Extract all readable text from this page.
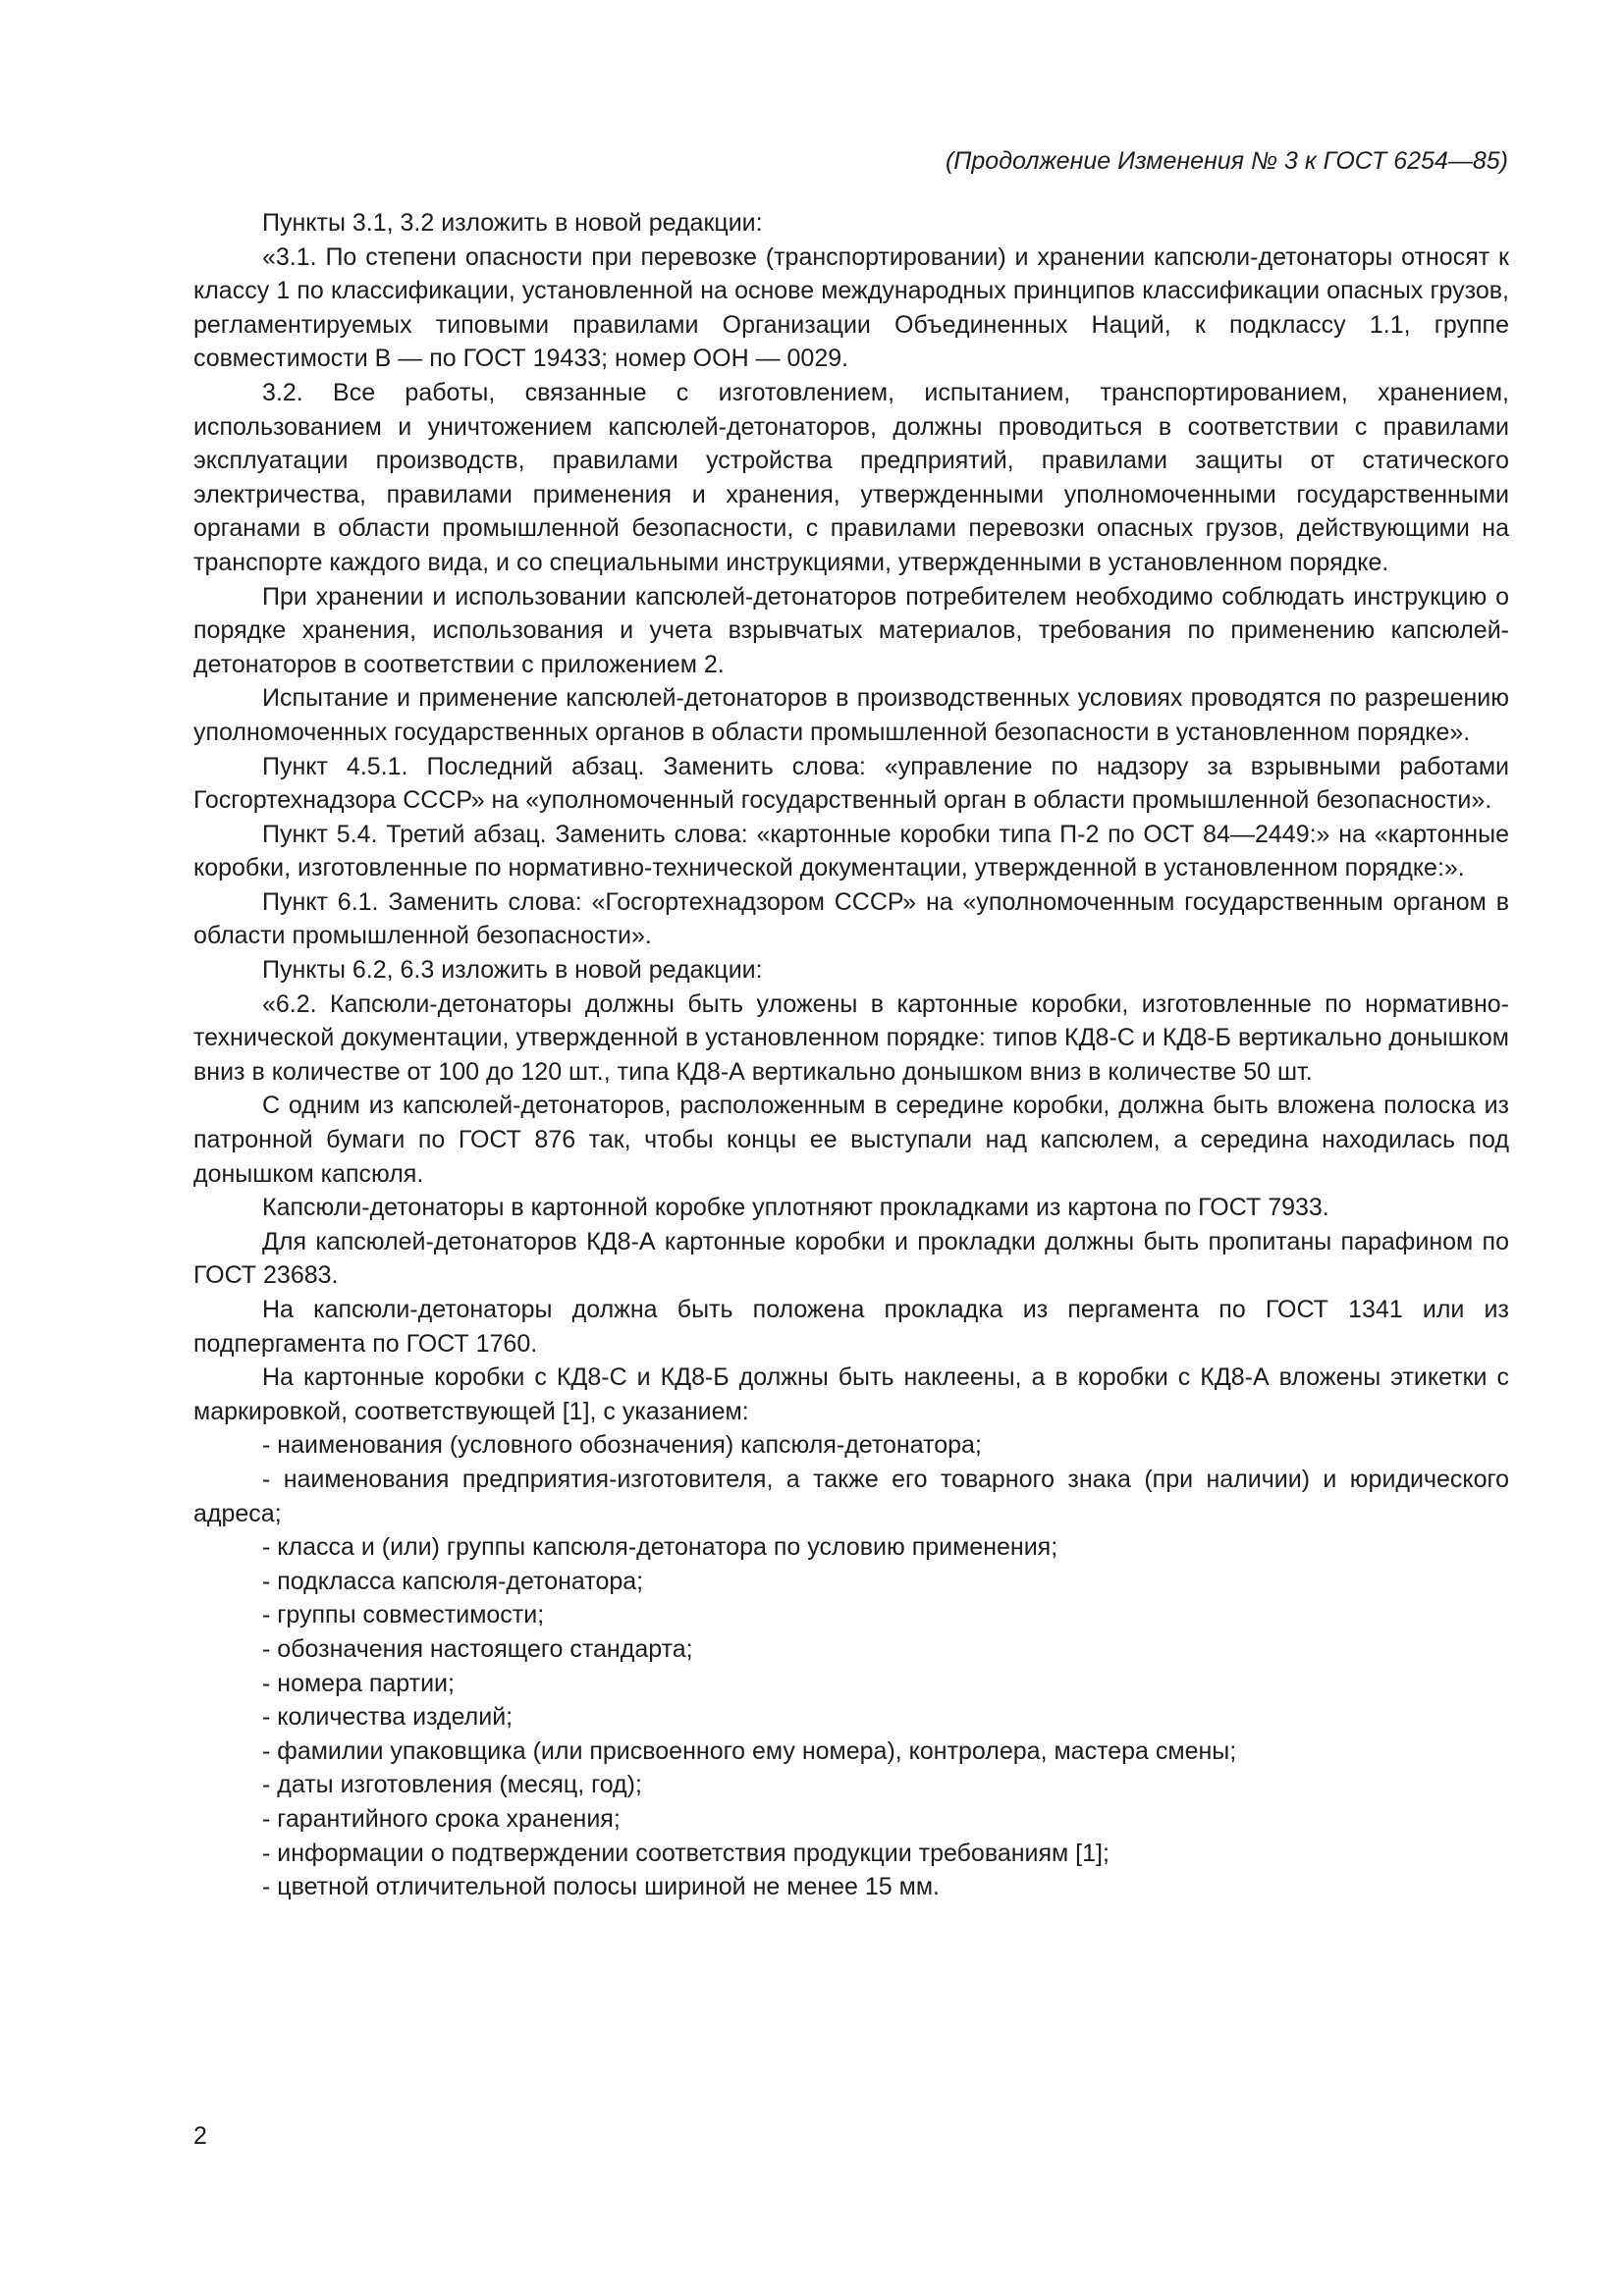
(Продолжение Изменения № 3 к ГОСТ 6254—85)

Пункты 3.1, 3.2 изложить в новой редакции:

«3.1. По степени опасности при перевозке (транспортировании) и хранении капсюли-детонаторы относят к классу 1 по классификации, установленной на основе международных принципов классификации опасных грузов, регламентируемых типовыми правилами Организации Объединенных Наций, к подклассу 1.1, группе совместимости В — по ГОСТ 19433; номер ООН — 0029.

3.2. Все работы, связанные с изготовлением, испытанием, транспортированием, хранением, использованием и уничтожением капсюлей-детонаторов, должны проводиться в соответствии с правилами эксплуатации производств, правилами устройства предприятий, правилами защиты от статического электричества, правилами применения и хранения, утвержденными уполномоченными государственными органами в области промышленной безопасности, с правилами перевозки опасных грузов, действующими на транспорте каждого вида, и со специальными инструкциями, утвержденными в установленном порядке.

При хранении и использовании капсюлей-детонаторов потребителем необходимо соблюдать инструкцию о порядке хранения, использования и учета взрывчатых материалов, требования по применению капсюлей-детонаторов в соответствии с приложением 2.

Испытание и применение капсюлей-детонаторов в производственных условиях проводятся по разрешению уполномоченных государственных органов в области промышленной безопасности в установленном порядке».

Пункт 4.5.1. Последний абзац. Заменить слова: «управление по надзору за взрывными работами Госгортехнадзора СССР» на «уполномоченный государственный орган в области промышленной безопасности».

Пункт 5.4. Третий абзац. Заменить слова: «картонные коробки типа П-2 по ОСТ 84—2449:» на «картонные коробки, изготовленные по нормативно-технической документации, утвержденной в установленном порядке:».

Пункт 6.1. Заменить слова: «Госгортехнадзором СССР» на «уполномоченным государственным органом в области промышленной безопасности».

Пункты 6.2, 6.3 изложить в новой редакции:

«6.2. Капсюли-детонаторы должны быть уложены в картонные коробки, изготовленные по нормативно-технической документации, утвержденной в установленном порядке: типов КД8-С и КД8-Б вертикально донышком вниз в количестве от 100 до 120 шт., типа КД8-А вертикально донышком вниз в количестве 50 шт.

С одним из капсюлей-детонаторов, расположенным в середине коробки, должна быть вложена полоска из патронной бумаги по ГОСТ 876 так, чтобы концы ее выступали над капсюлем, а середина находилась под донышком капсюля.

Капсюли-детонаторы в картонной коробке уплотняют прокладками из картона по ГОСТ 7933.

Для капсюлей-детонаторов КД8-А картонные коробки и прокладки должны быть пропитаны парафином по ГОСТ 23683.

На капсюли-детонаторы должна быть положена прокладка из пергамента по ГОСТ 1341 или из подпергамента по ГОСТ 1760.

На картонные коробки с КД8-С и КД8-Б должны быть наклеены, а в коробки с КД8-А вложены этикетки с маркировкой, соответствующей [1], с указанием:

- наименования (условного обозначения) капсюля-детонатора;
- наименования предприятия-изготовителя, а также его товарного знака (при наличии) и юридического адреса;
- класса и (или) группы капсюля-детонатора по условию применения;
- подкласса капсюля-детонатора;
- группы совместимости;
- обозначения настоящего стандарта;
- номера партии;
- количества изделий;
- фамилии упаковщика (или присвоенного ему номера), контролера, мастера смены;
- даты изготовления (месяц, год);
- гарантийного срока хранения;
- информации о подтверждении соответствия продукции требованиям [1];
- цветной отличительной полосы шириной не менее 15 мм.
2
